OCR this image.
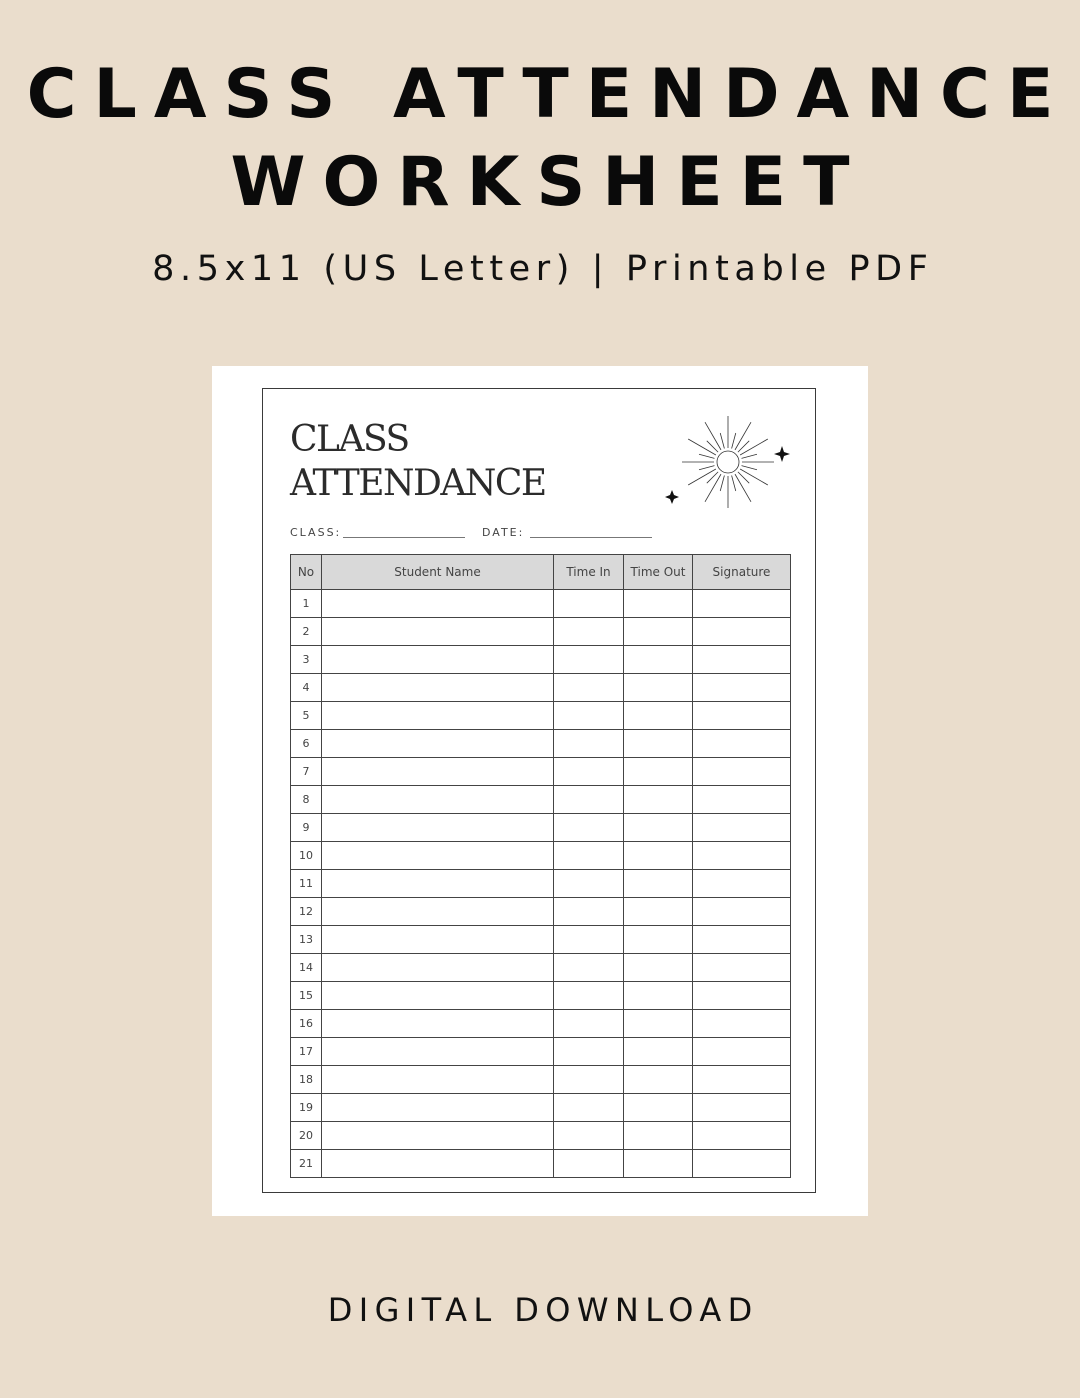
CLASS ATTENDANCE
WORKSHEET
8.5x11 (US Letter) | Printable PDF
CLASS
ATTENDANCE
CLASS:	DATE:
No	Student Name	Time In	Time Out	Signature
1				
2				
3				
4				
5				
6				
7				
8				
9				
10				
11				
12				
13				
14				
15				
16				
17				
18				
19				
20				
21				
DIGITAL DOWNLOAD
